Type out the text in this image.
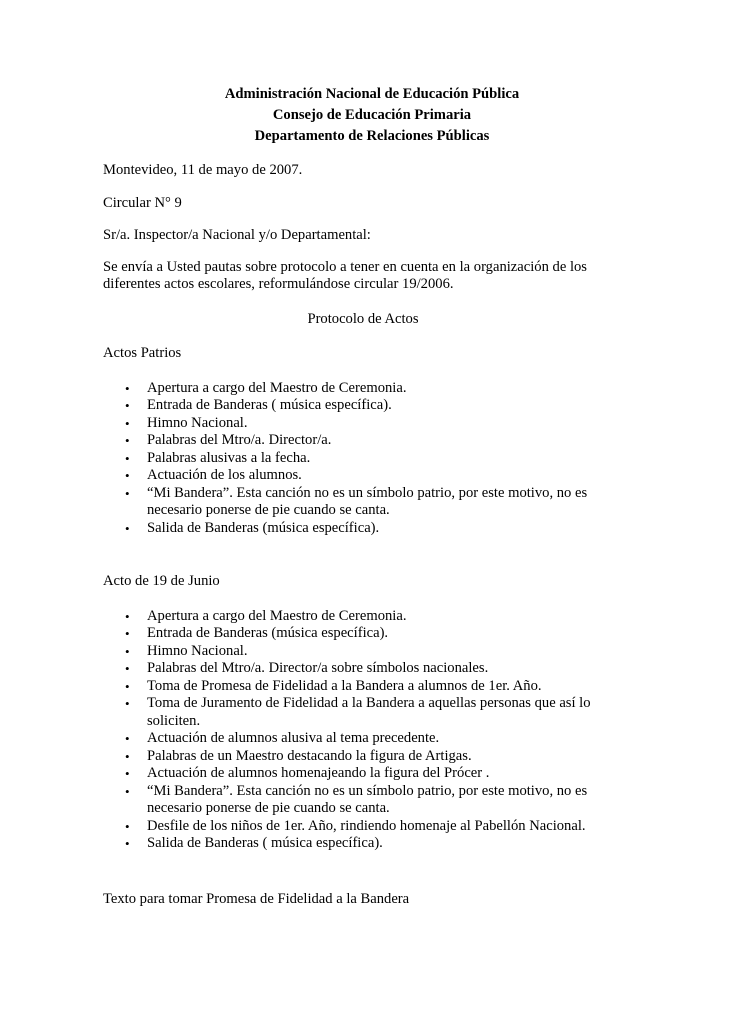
Administración Nacional de Educación Pública
Consejo de Educación Primaria
Departamento de Relaciones Públicas

Montevideo, 11 de mayo de 2007.

Circular N° 9

Sr/a. Inspector/a Nacional y/o Departamental:

Se envía a Usted pautas sobre protocolo a tener en cuenta en la organización de los diferentes actos escolares, reformulándose circular 19/2006.

Protocolo de Actos

Actos Patrios

• Apertura a cargo del Maestro de Ceremonia.
• Entrada de Banderas ( música específica).
• Himno Nacional.
• Palabras del Mtro/a. Director/a.
• Palabras alusivas a la fecha.
• Actuación de los alumnos.
• “Mi Bandera”. Esta canción no es un símbolo patrio, por este motivo, no es necesario ponerse de pie cuando se canta.
• Salida de Banderas (música específica).

Acto de 19 de Junio

• Apertura a cargo del Maestro de Ceremonia.
• Entrada de Banderas (música específica).
• Himno Nacional.
• Palabras del Mtro/a. Director/a sobre símbolos nacionales.
• Toma de Promesa de Fidelidad a la Bandera a alumnos de 1er. Año.
• Toma de Juramento de Fidelidad a la Bandera a aquellas personas que así lo soliciten.
• Actuación de alumnos alusiva al tema precedente.
• Palabras de un Maestro destacando la figura de Artigas.
• Actuación de alumnos homenajeando la figura del Prócer .
• “Mi Bandera”. Esta canción no es un símbolo patrio, por este motivo, no es necesario ponerse de pie cuando se canta.
• Desfile de los niños de 1er. Año, rindiendo homenaje al Pabellón Nacional.
• Salida de Banderas ( música específica).

Texto para tomar Promesa de Fidelidad a la Bandera
